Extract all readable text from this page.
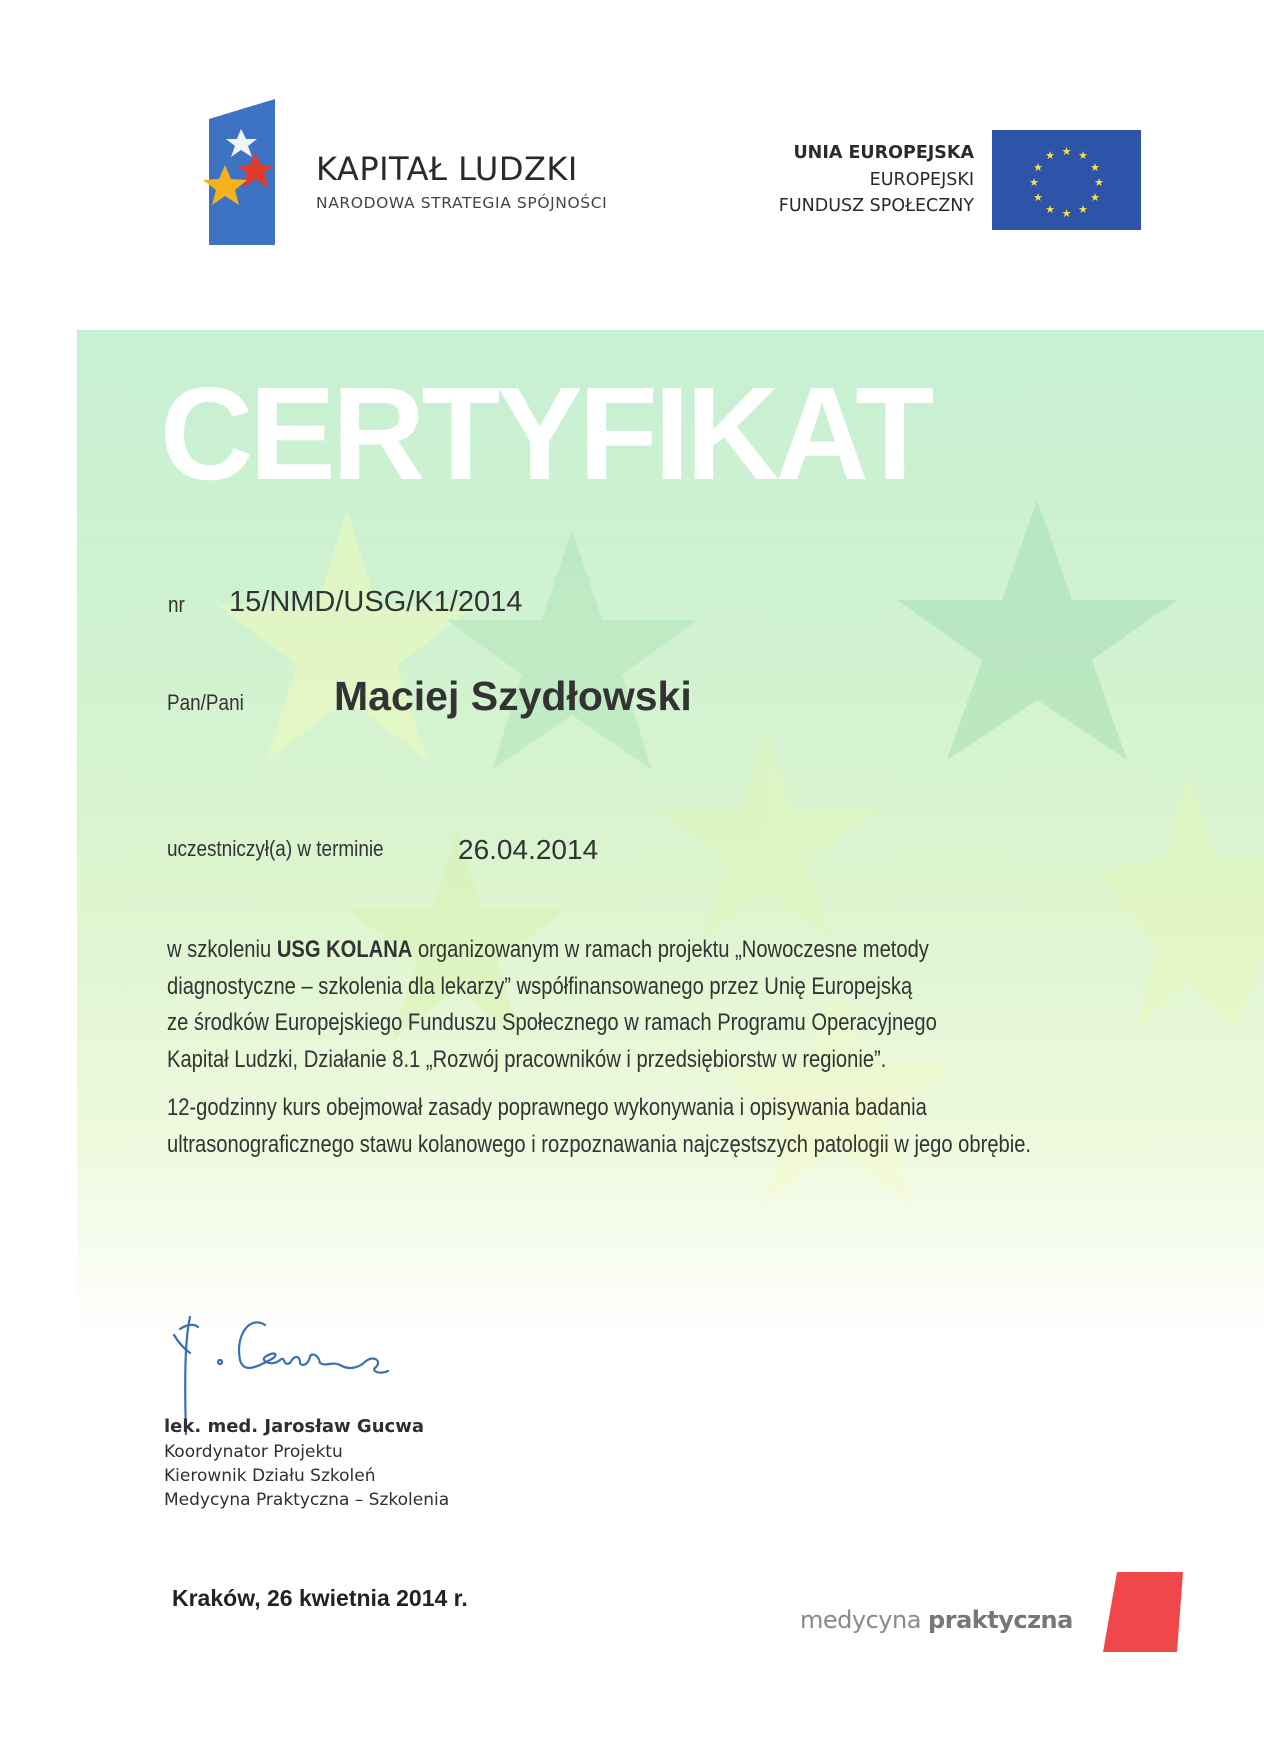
KAPITAŁ LUDZKI
NARODOWA STRATEGIA SPÓJNOŚCI
UNIA EUROPEJSKA
EUROPEJSKI
FUNDUSZ SPOŁECZNY
★ ★
★
★
★
★
★
★
★
★
★
★
CERTYFIKAT
nr 15/NMD/USG/K1/2014
Pan/Pani Maciej Szydłowski
uczestniczył(a) w terminie	26.04.2014

w szkoleniu USG KOLANA organizowanym w ramach projektu „Nowoczesne metody
diagnostyczne – szkolenia dla lekarzy” współfinansowanego przez Unię Europejską
ze środków Europejskiego Funduszu Społecznego w ramach Programu Operacyjnego
Kapitał Ludzki, Działanie 8.1 „Rozwój pracowników i przedsiębiorstw w regionie”.

12-godzinny kurs obejmował zasady poprawnego wykonywania i opisywania badania
ultrasonograficznego stawu kolanowego i rozpoznawania najczęstszych patologii w jego obrębie.

lek. med. Jarosław Gucwa
Koordynator Projektu
Kierownik Działu Szkoleń
Medycyna Praktyczna – Szkolenia
Kraków, 26 kwietnia 2014 r.
medycyna praktyczna
